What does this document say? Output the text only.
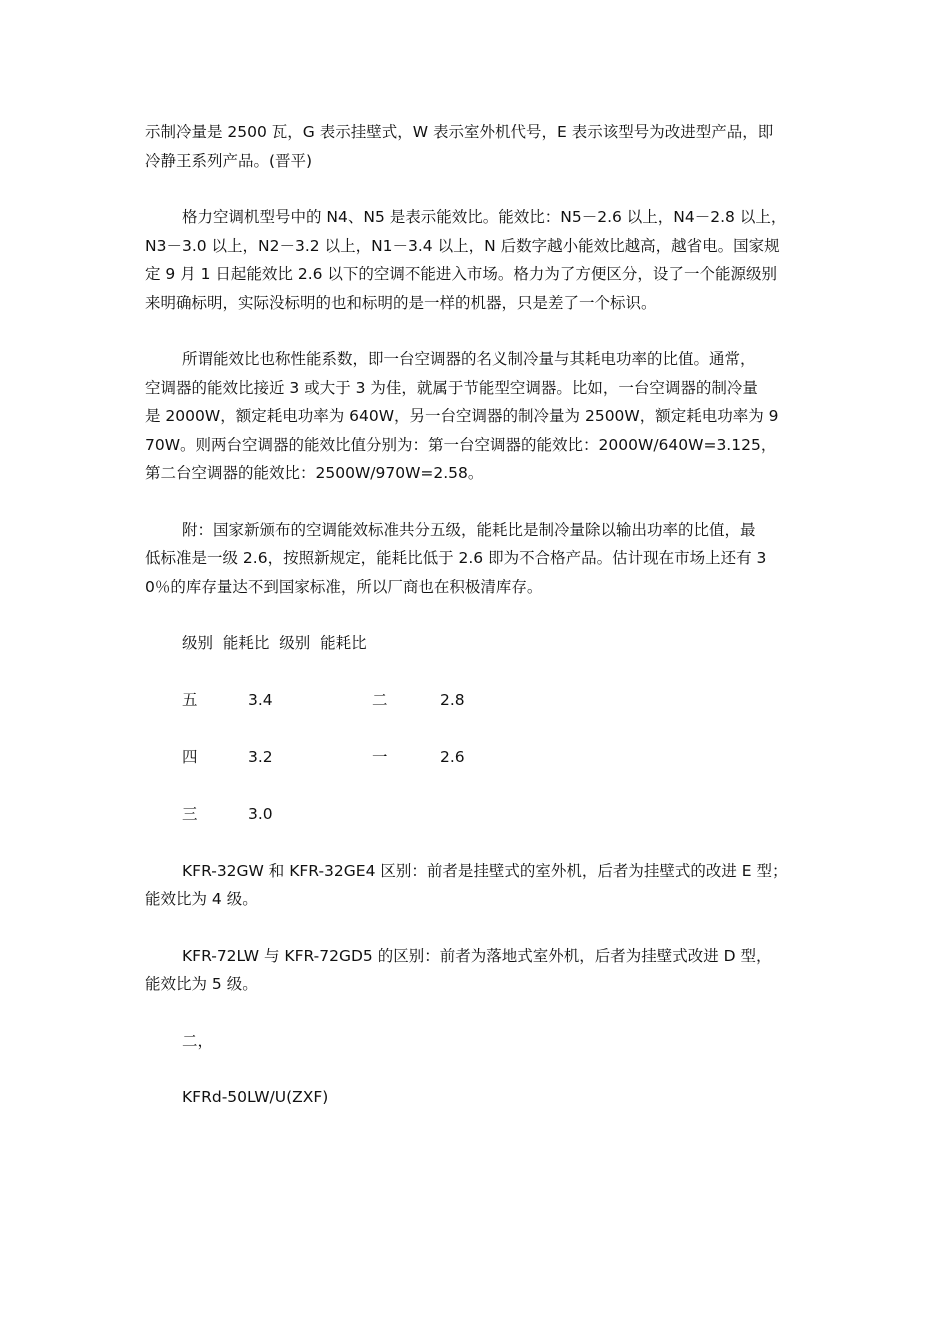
示制冷量是 2500 瓦，G 表示挂壁式，W 表示室外机代号，E 表示该型号为改进型产品，即
冷静王系列产品。(晋平)

格力空调机型号中的 N4、N5 是表示能效比。能效比：N5－2.6 以上，N4－2.8 以上，
N3－3.0 以上，N2－3.2 以上，N1－3.4 以上，N 后数字越小能效比越高，越省电。国家规
定 9 月 1 日起能效比 2.6 以下的空调不能进入市场。格力为了方便区分，设了一个能源级别
来明确标明，实际没标明的也和标明的是一样的机器，只是差了一个标识。

所谓能效比也称性能系数，即一台空调器的名义制冷量与其耗电功率的比值。通常，
空调器的能效比接近 3 或大于 3 为佳，就属于节能型空调器。比如，一台空调器的制冷量
是 2000W，额定耗电功率为 640W，另一台空调器的制冷量为 2500W，额定耗电功率为 9
70W。则两台空调器的能效比值分别为：第一台空调器的能效比：2000W/640W=3.125，
第二台空调器的能效比：2500W/970W=2.58。

附：国家新颁布的空调能效标准共分五级，能耗比是制冷量除以输出功率的比值，最
低标准是一级 2.6，按照新规定，能耗比低于 2.6 即为不合格产品。估计现在市场上还有 3
0％的库存量达不到国家标准，所以厂商也在积极清库存。

级别  能耗比  级别  能耗比
五	3.4	二	2.8
四	3.2	一	2.6
三	3.0

KFR-32GW 和 KFR-32GE4 区别：前者是挂壁式的室外机，后者为挂壁式的改进 E 型；
能效比为 4 级。

KFR-72LW 与 KFR-72GD5 的区别：前者为落地式室外机，后者为挂壁式改进 D 型，
能效比为 5 级。

二，
KFRd-50LW/U(ZXF)
